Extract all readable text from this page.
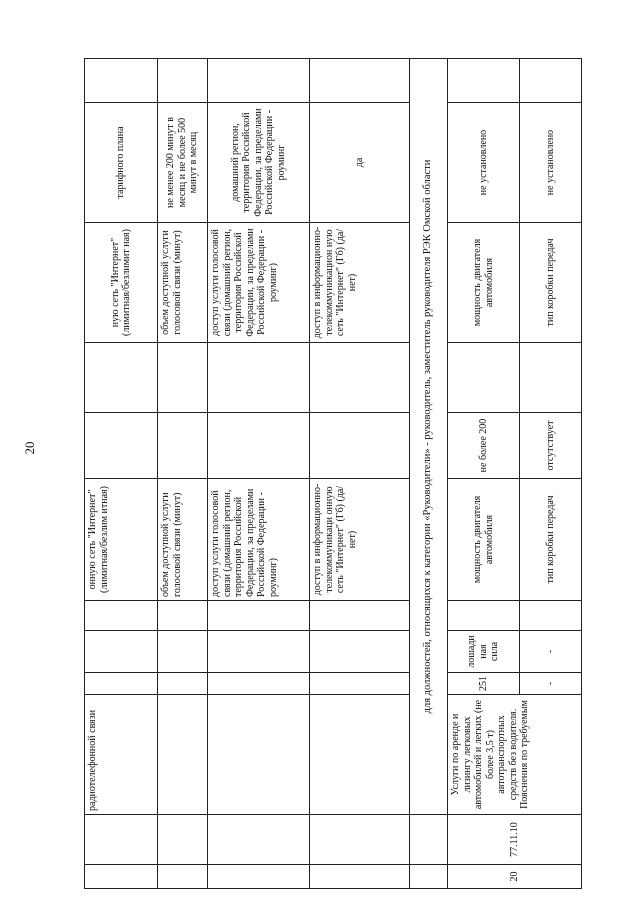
20
		радиотелефонной связи				онную сеть "Интернет" (лимитная/безлим итная)			ную сеть "Интернет" (лимитная/безлимит ная)	тарифного плана	
						объем доступной услуги голосовой связи (минут)			объем доступной услуги голосовой связи (минут)	не менее 200 минут в месяц и не более 500 минут в месяц	
						доступ услуги голосовой связи (домашний регион, территория Российской Федерации, за пределами Российской Федерации - роуминг)			доступ услуги голосовой связи (домашний регион, территория Российской Федерации, за пределами Российской Федерации - роуминг)	домашний регион, территория Российской Федерации, за пределами Российской Федерации - роуминг	
						доступ в информационно-телекоммуникаци онную сеть "Интернет" (Гб) (да/нет)			доступ в информационно-телекоммуникацион ную сеть "Интернет" (Гб) (да/нет)	да	
		для должностей, относящихся к категории «Руководители» - руководитель, заместитель руководителя РЭК Омской области									
20	77.11.10	Услуги по аренде и лизингу легковых автомобилей и легких (не более 3,5 т) автотранспортных средств без водителя. Пояснения по требуемым	251	лошади ная сила		мощность двигателя автомобиля	не более 200		мощность двигателя автомобиля	не установлено	
			-	-		тип коробки передач	отсутствует		тип коробки передач	не установлено	
